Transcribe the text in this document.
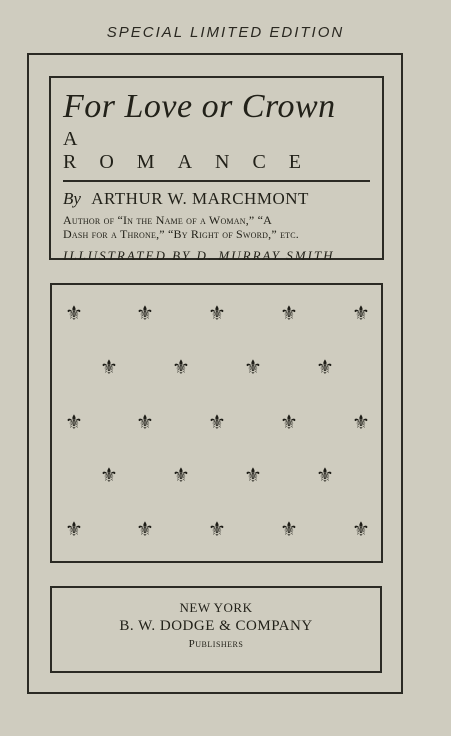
SPECIAL LIMITED EDITION
For Love or Crown
A ROMANCE
By ARTHUR W. MARCHMONT
Author of “In the Name of a Woman,” “A
Dash for a Throne,” “By Right of Sword,” etc.
ILLUSTRATED BY D. MURRAY SMITH
⚜	⚜	⚜	⚜	⚜
⚜	⚜	⚜	⚜
⚜	⚜	⚜	⚜	⚜
⚜	⚜	⚜	⚜
⚜	⚜	⚜	⚜	⚜
NEW YORK
B. W. DODGE & COMPANY
Publishers
